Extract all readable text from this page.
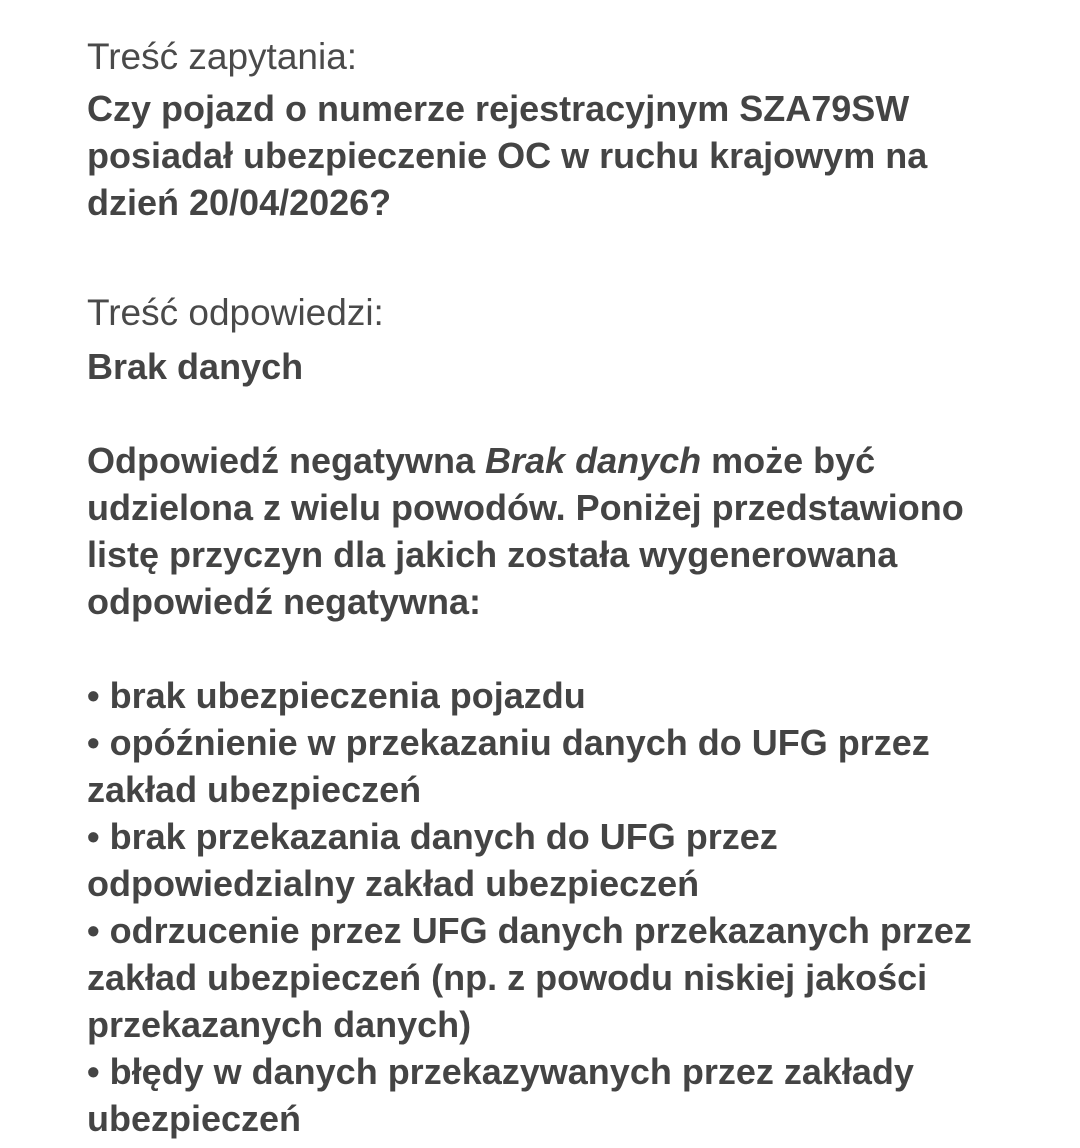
Treść zapytania:

Czy pojazd o numerze rejestracyjnym SZA79SW posiadał ubezpieczenie OC w ruchu krajowym na dzień 20/04/2026?

Treść odpowiedzi:

Brak danych

Odpowiedź negatywna Brak danych może być udzielona z wielu powodów. Poniżej przedstawiono listę przyczyn dla jakich została wygenerowana odpowiedź negatywna:

• brak ubezpieczenia pojazdu
• opóźnienie w przekazaniu danych do UFG przez zakład ubezpieczeń
• brak przekazania danych do UFG przez odpowiedzialny zakład ubezpieczeń
• odrzucenie przez UFG danych przekazanych przez zakład ubezpieczeń (np. z powodu niskiej jakości przekazanych danych)
• błędy w danych przekazywanych przez zakłady ubezpieczeń
